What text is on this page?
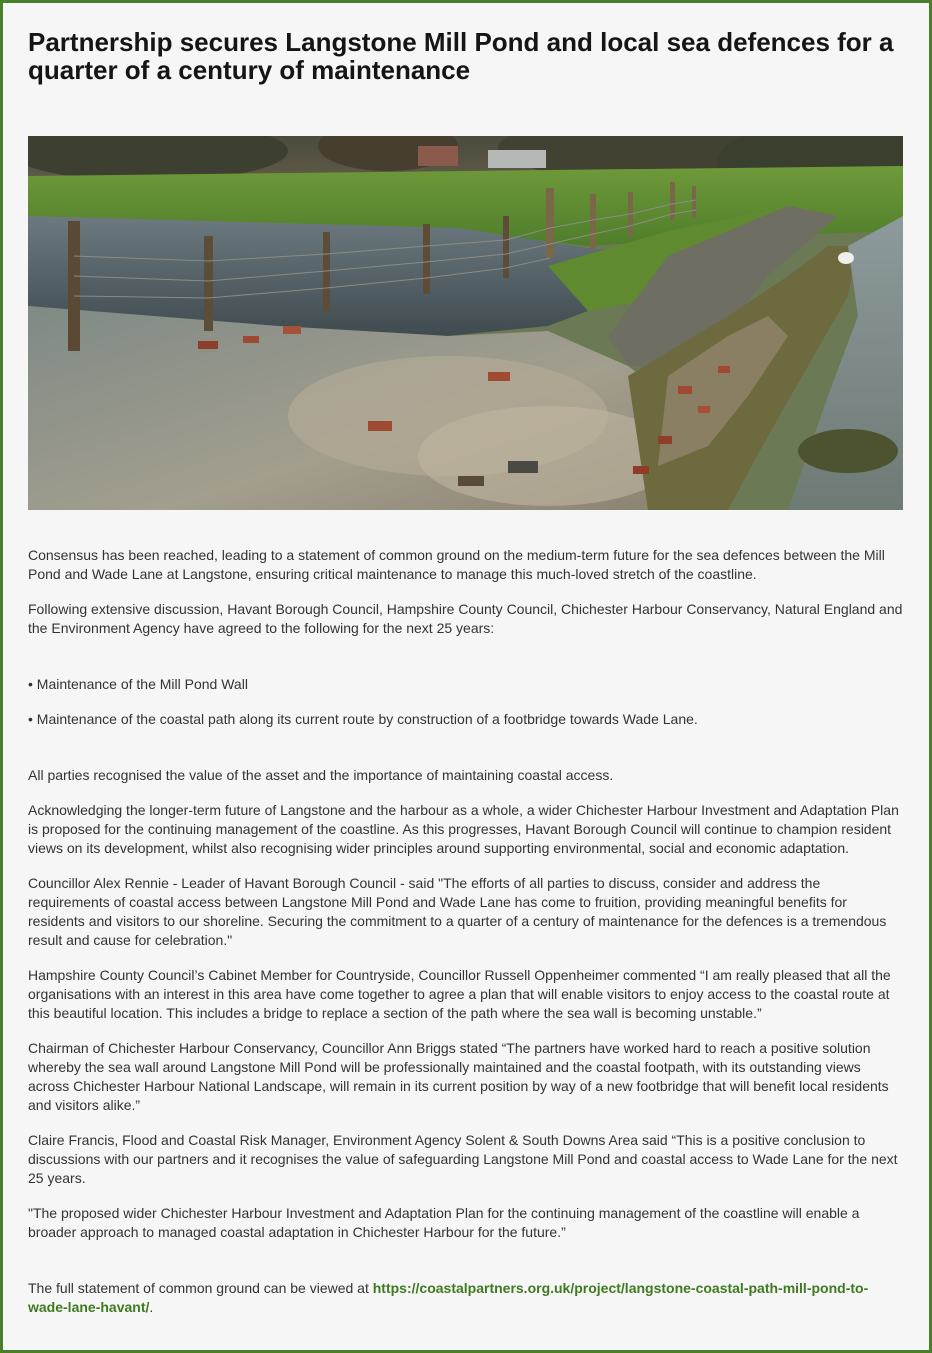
Partnership secures Langstone Mill Pond and local sea defences for a quarter of a century of maintenance

Consensus has been reached, leading to a statement of common ground on the medium-term future for the sea defences between the Mill Pond and Wade Lane at Langstone, ensuring critical maintenance to manage this much-loved stretch of the coastline.

Following extensive discussion, Havant Borough Council, Hampshire County Council, Chichester Harbour Conservancy, Natural England and the Environment Agency have agreed to the following for the next 25 years:

• Maintenance of the Mill Pond Wall

• Maintenance of the coastal path along its current route by construction of a footbridge towards Wade Lane.

All parties recognised the value of the asset and the importance of maintaining coastal access.

Acknowledging the longer-term future of Langstone and the harbour as a whole, a wider Chichester Harbour Investment and Adaptation Plan is proposed for the continuing management of the coastline. As this progresses, Havant Borough Council will continue to champion resident views on its development, whilst also recognising wider principles around supporting environmental, social and economic adaptation.

Councillor Alex Rennie - Leader of Havant Borough Council - said "The efforts of all parties to discuss, consider and address the requirements of coastal access between Langstone Mill Pond and Wade Lane has come to fruition, providing meaningful benefits for residents and visitors to our shoreline. Securing the commitment to a quarter of a century of maintenance for the defences is a tremendous result and cause for celebration."

Hampshire County Council’s Cabinet Member for Countryside, Councillor Russell Oppenheimer commented “I am really pleased that all the organisations with an interest in this area have come together to agree a plan that will enable visitors to enjoy access to the coastal route at this beautiful location. This includes a bridge to replace a section of the path where the sea wall is becoming unstable.”

Chairman of Chichester Harbour Conservancy, Councillor Ann Briggs stated “The partners have worked hard to reach a positive solution whereby the sea wall around Langstone Mill Pond will be professionally maintained and the coastal footpath, with its outstanding views across Chichester Harbour National Landscape, will remain in its current position by way of a new footbridge that will benefit local residents and visitors alike.”

Claire Francis, Flood and Coastal Risk Manager, Environment Agency Solent & South Downs Area said “This is a positive conclusion to discussions with our partners and it recognises the value of safeguarding Langstone Mill Pond and coastal access to Wade Lane for the next 25 years.

"The proposed wider Chichester Harbour Investment and Adaptation Plan for the continuing management of the coastline will enable a broader approach to managed coastal adaptation in Chichester Harbour for the future.”

The full statement of common ground can be viewed at https://coastalpartners.org.uk/project/langstone-coastal-path-mill-pond-to-wade-lane-havant/.
